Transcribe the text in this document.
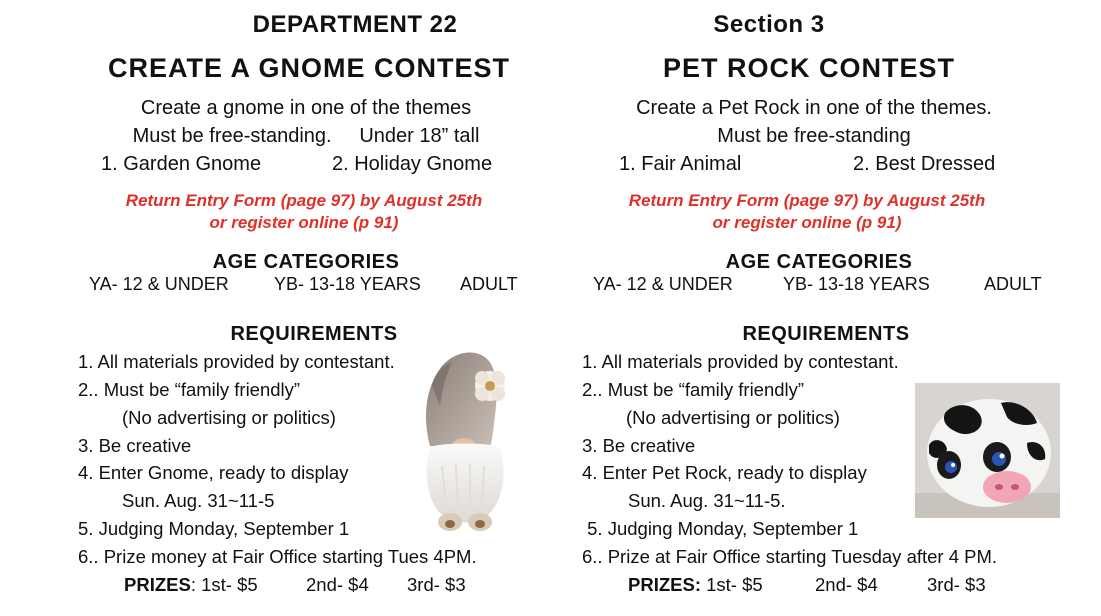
DEPARTMENT 22
CREATE A GNOME CONTEST
Create a gnome in one of the themes
Must be free-standing.     Under 18” tall
1. Garden Gnome	2. Holiday Gnome
Return Entry Form (page 97) by August 25th
or register online (p 91)
AGE CATEGORIES
YA- 12 & UNDER	YB- 13-18 YEARS ADULT
REQUIREMENTS
1. All materials provided by contestant.
2.. Must be “family friendly”
(No advertising or politics)
3. Be creative
4. Enter Gnome, ready to display
Sun. Aug. 31~11-5
5. Judging Monday, September 1
6.. Prize money at Fair Office starting Tues 4PM.
PRIZES: 1st- $5	2nd- $4 3rd- $3
Section 3
PET ROCK CONTEST
Create a Pet Rock in one of the themes.
Must be free-standing
1. Fair Animal	2. Best Dressed
Return Entry Form (page 97) by August 25th
or register online (p 91)
AGE CATEGORIES
YA- 12 & UNDER	YB- 13-18 YEARS	ADULT
REQUIREMENTS
1. All materials provided by contestant.
2.. Must be “family friendly”
(No advertising or politics)
3. Be creative
4. Enter Pet Rock, ready to display
Sun. Aug. 31~11-5.
5. Judging Monday, September 1
6.. Prize at Fair Office starting Tuesday after 4 PM.
PRIZES: 1st- $5	2nd- $4	3rd- $3
